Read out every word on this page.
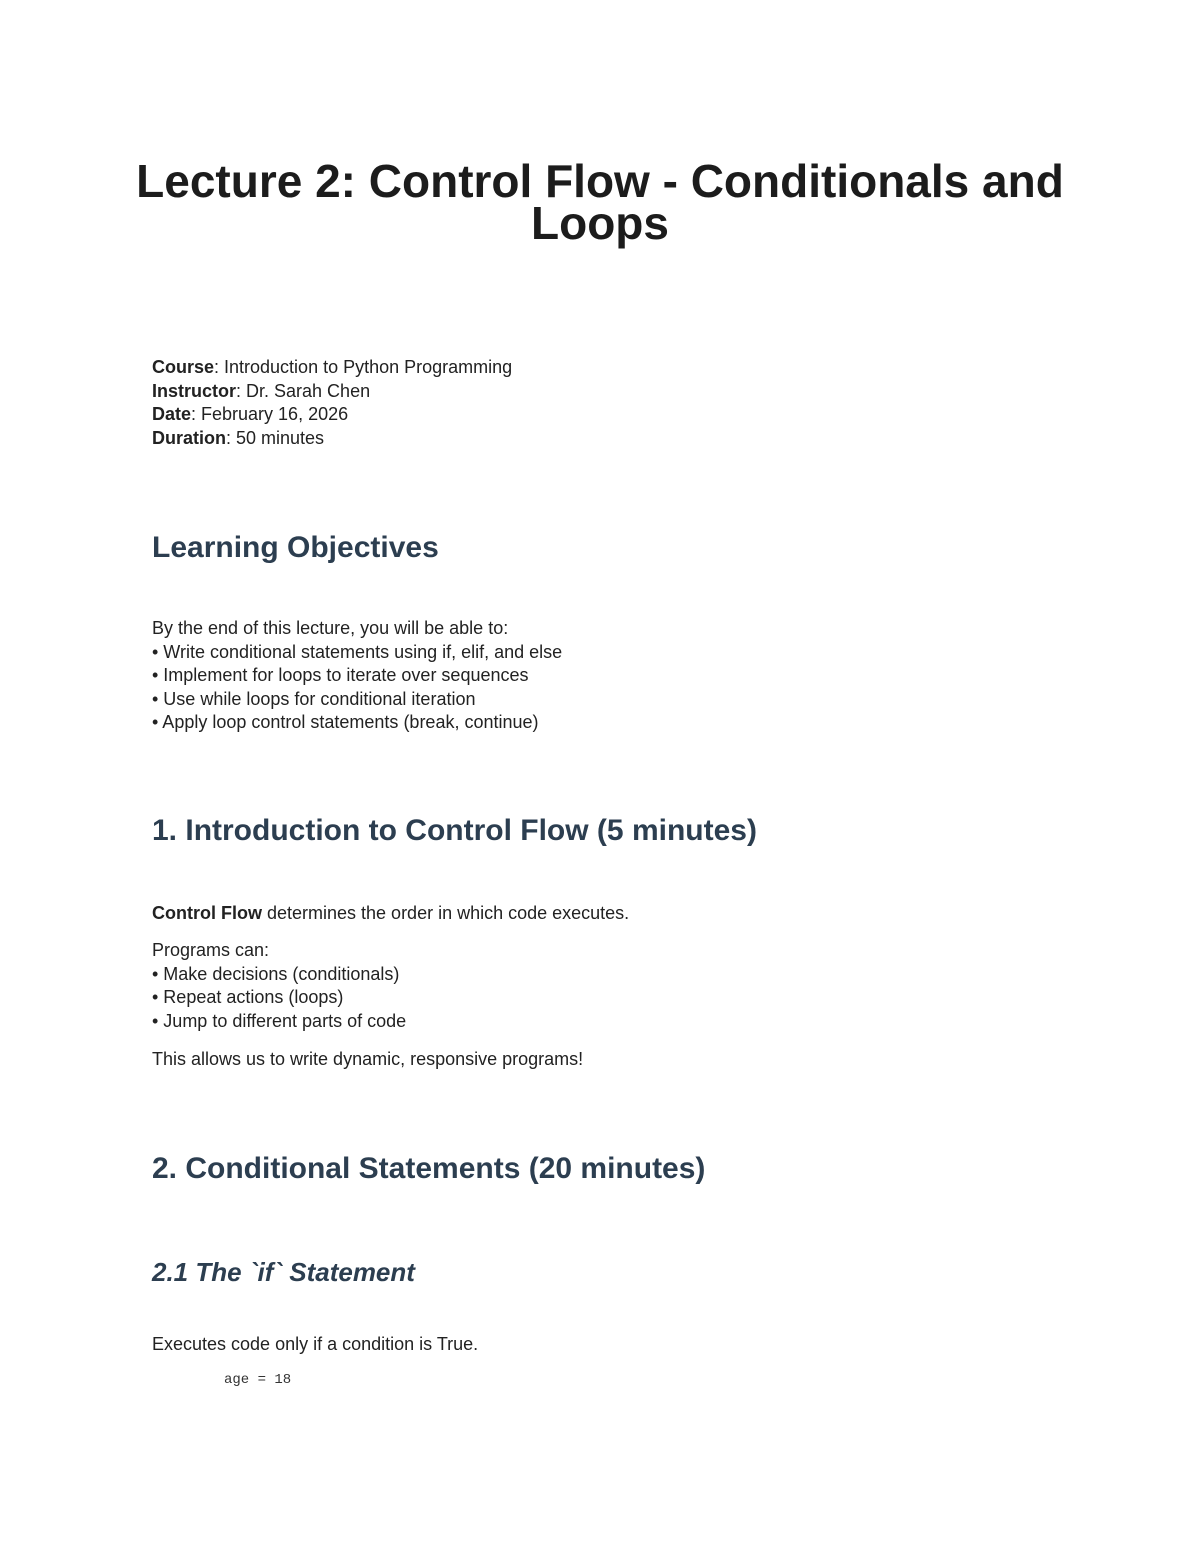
Lecture 2: Control Flow - Conditionals and Loops
Course: Introduction to Python Programming
Instructor: Dr. Sarah Chen
Date: February 16, 2026
Duration: 50 minutes
Learning Objectives
By the end of this lecture, you will be able to:
• Write conditional statements using if, elif, and else
• Implement for loops to iterate over sequences
• Use while loops for conditional iteration
• Apply loop control statements (break, continue)
1. Introduction to Control Flow (5 minutes)
Control Flow determines the order in which code executes.
Programs can:
• Make decisions (conditionals)
• Repeat actions (loops)
• Jump to different parts of code
This allows us to write dynamic, responsive programs!
2. Conditional Statements (20 minutes)
2.1 The `if` Statement
Executes code only if a condition is True.
age = 18
